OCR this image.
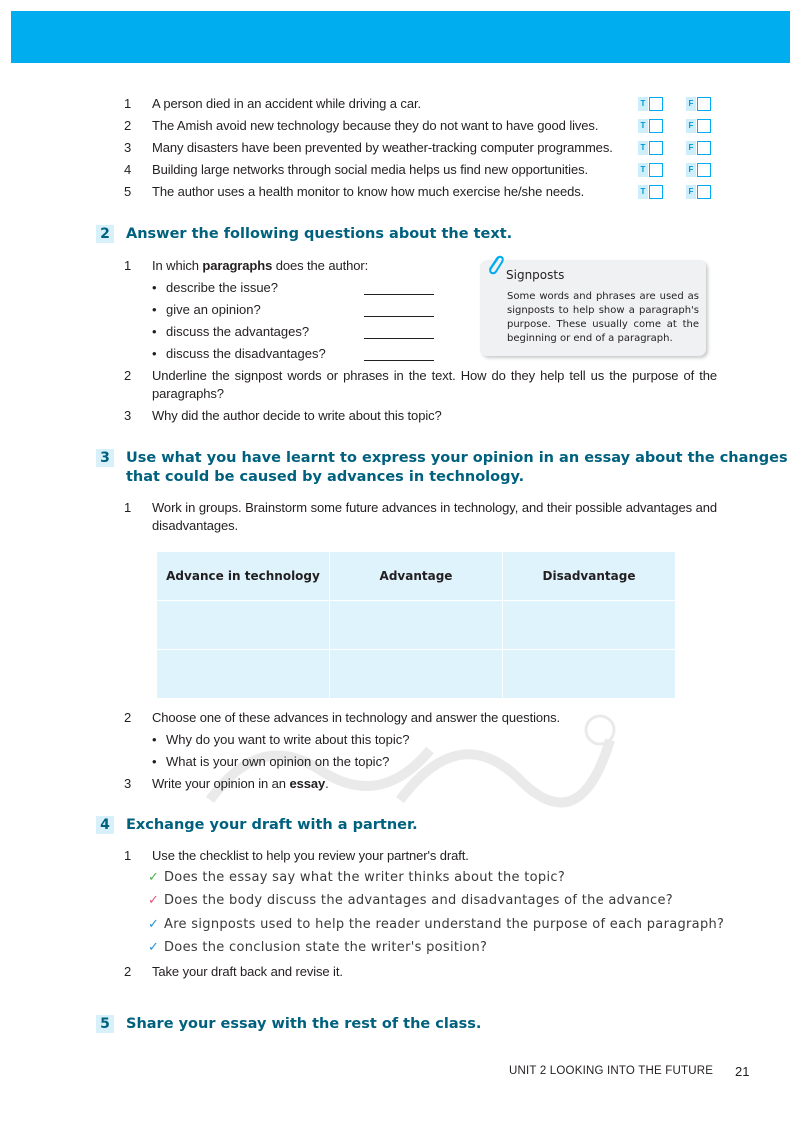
1 A person died in an accident while driving a car.	T	F
2 The Amish avoid new technology because they do not want to have good lives.	T	F
3 Many disasters have been prevented by weather-tracking computer programmes.	T	F
4 Building large networks through social media helps us find new opportunities.	T	F
5 The author uses a health monitor to know how much exercise he/she needs.	T	F
2 Answer the following questions about the text.
1 In which paragraphs does the author:
• describe the issue?
• give an opinion?
• discuss the advantages?
• discuss the disadvantages?
2 Underline the signpost words or phrases in the text. How do they help tell us the purpose of the paragraphs?
3 Why did the author decide to write about this topic?
Signposts
Some words and phrases are used as signposts to help show a paragraph's purpose. These usually come at the beginning or end of a paragraph.
3 Use what you have learnt to express your opinion in an essay about the changes
that could be caused by advances in technology.
1 Work in groups. Brainstorm some future advances in technology, and their possible advantages and disadvantages.
Advance in technology	Advantage	Disadvantage

2 Choose one of these advances in technology and answer the questions.
• Why do you want to write about this topic?
• What is your own opinion on the topic?
3 Write your opinion in an essay.
4 Exchange your draft with a partner.
1 Use the checklist to help you review your partner's draft.
✓ Does the essay say what the writer thinks about the topic?
✓ Does the body discuss the advantages and disadvantages of the advance?
✓ Are signposts used to help the reader understand the purpose of each paragraph?
✓ Does the conclusion state the writer's position?
2 Take your draft back and revise it.
5 Share your essay with the rest of the class.
UNIT 2 LOOKING INTO THE FUTURE 21
